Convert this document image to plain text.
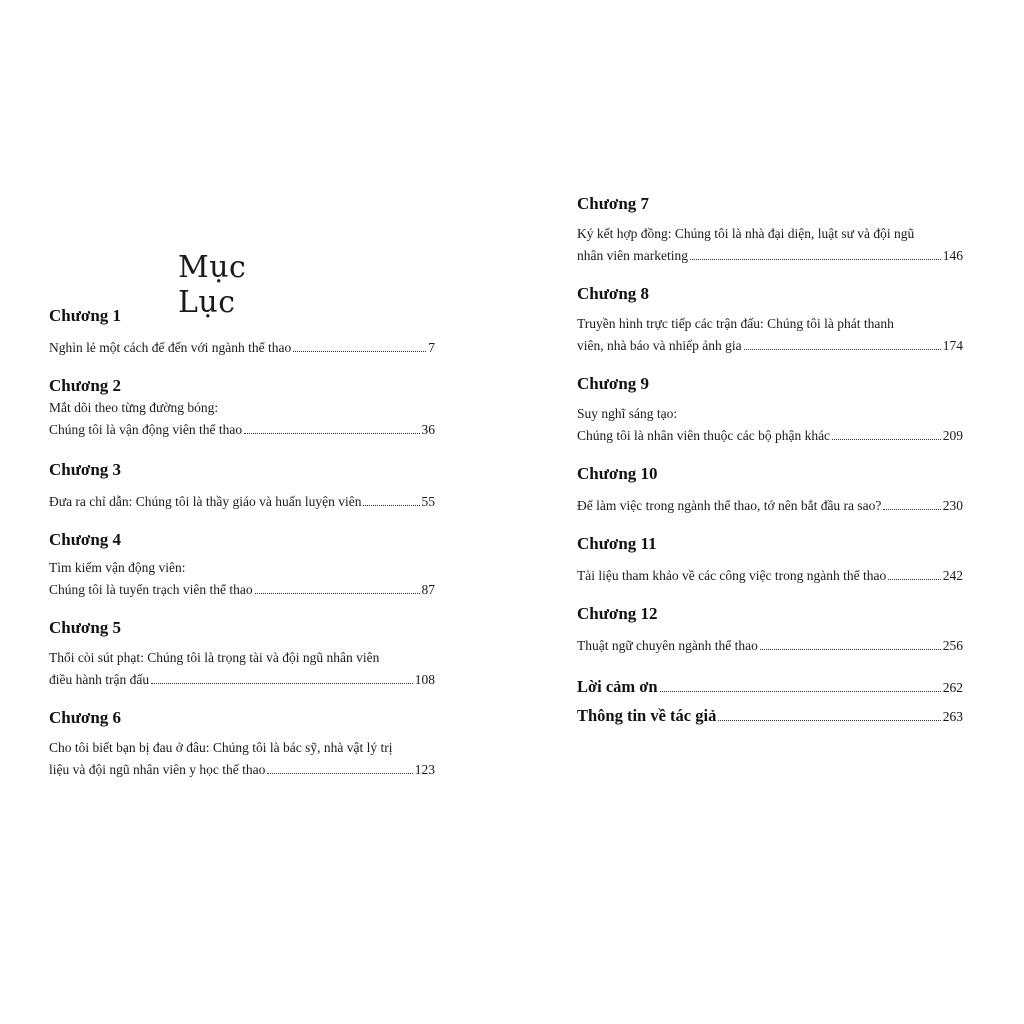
Mục Lục
Chương 1
Nghìn lẻ một cách để đến với ngành thể thao	7
Chương 2
Mắt dõi theo từng đường bóng:
Chúng tôi là vận động viên thể thao	36
Chương 3
Đưa ra chỉ dẫn: Chúng tôi là thầy giáo và huấn luyện viên	55
Chương 4
Tìm kiếm vận động viên:
Chúng tôi là tuyển trạch viên thể thao	87
Chương 5
Thổi còi sút phạt: Chúng tôi là trọng tài và đội ngũ nhân viên
điều hành trận đấu	108
Chương 6
Cho tôi biết bạn bị đau ở đâu: Chúng tôi là bác sỹ, nhà vật lý trị
liệu và đội ngũ nhân viên y học thể thao	123
Chương 7
Ký kết hợp đồng: Chúng tôi là nhà đại diện, luật sư và đội ngũ
nhân viên marketing	146
Chương 8
Truyền hình trực tiếp các trận đấu: Chúng tôi là phát thanh
viên, nhà báo và nhiếp ảnh gia	174
Chương 9
Suy nghĩ sáng tạo:
Chúng tôi là nhân viên thuộc các bộ phận khác	209
Chương 10
Để làm việc trong ngành thể thao, tớ nên bắt đầu ra sao?	230
Chương 11
Tài liệu tham khảo về các công việc trong ngành thể thao	242
Chương 12
Thuật ngữ chuyên ngành thể thao	256
Lời cảm ơn	262
Thông tin về tác giả	263
